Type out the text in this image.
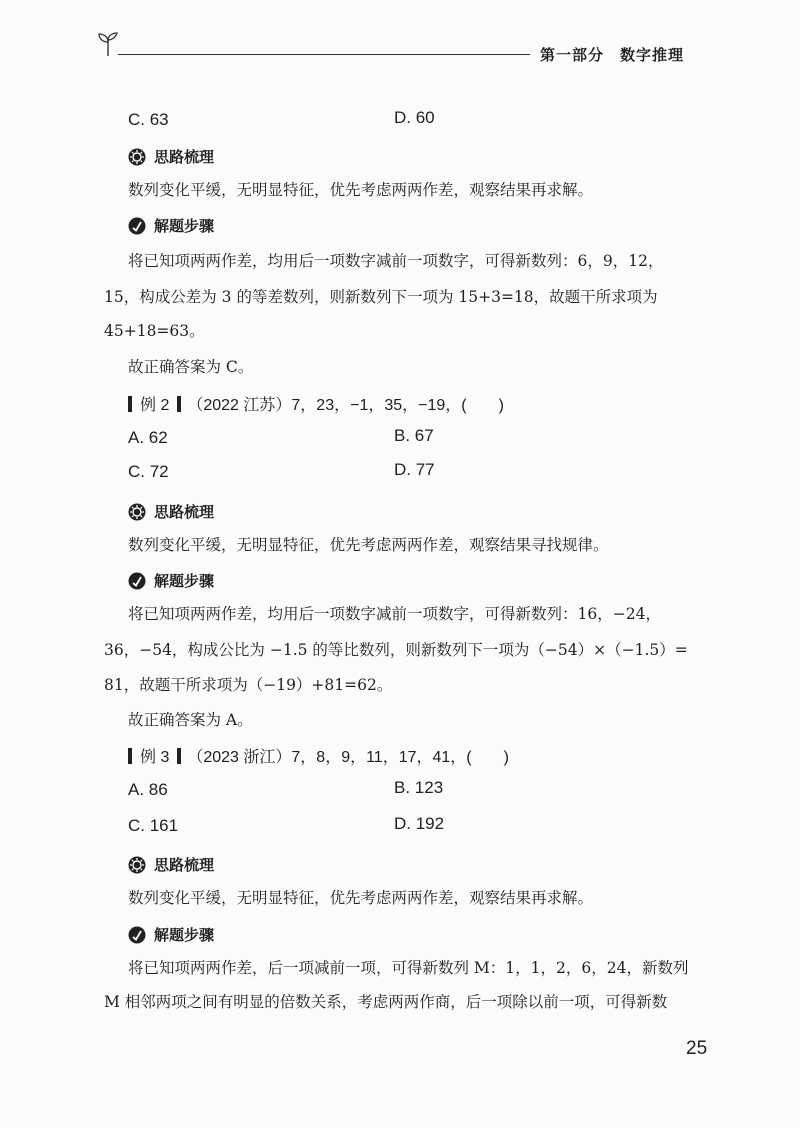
第一部分　数字推理
C. 63	D. 60
思路梳理
数列变化平缓，无明显特征，优先考虑两两作差，观察结果再求解。
解题步骤
将已知项两两作差，均用后一项数字减前一项数字，可得新数列：6，9，12，
15，构成公差为 3 的等差数列，则新数列下一项为 15+3=18，故题干所求项为
45+18=63。
故正确答案为 C。
例 2 （2022 江苏）7，23，−1，35，−19，(　　)
A. 62	B. 67
C. 72	D. 77
思路梳理
数列变化平缓，无明显特征，优先考虑两两作差，观察结果寻找规律。
解题步骤
将已知项两两作差，均用后一项数字减前一项数字，可得新数列：16，−24，
36，−54，构成公比为 −1.5 的等比数列，则新数列下一项为（−54）×（−1.5）=
81，故题干所求项为（−19）+81=62。
故正确答案为 A。
例 3 （2023 浙江）7，8，9，11，17，41，(　　)
A. 86	B. 123
C. 161	D. 192
思路梳理
数列变化平缓，无明显特征，优先考虑两两作差，观察结果再求解。
解题步骤
将已知项两两作差，后一项减前一项，可得新数列 M：1，1，2，6，24，新数列
M 相邻两项之间有明显的倍数关系，考虑两两作商，后一项除以前一项，可得新数
25
